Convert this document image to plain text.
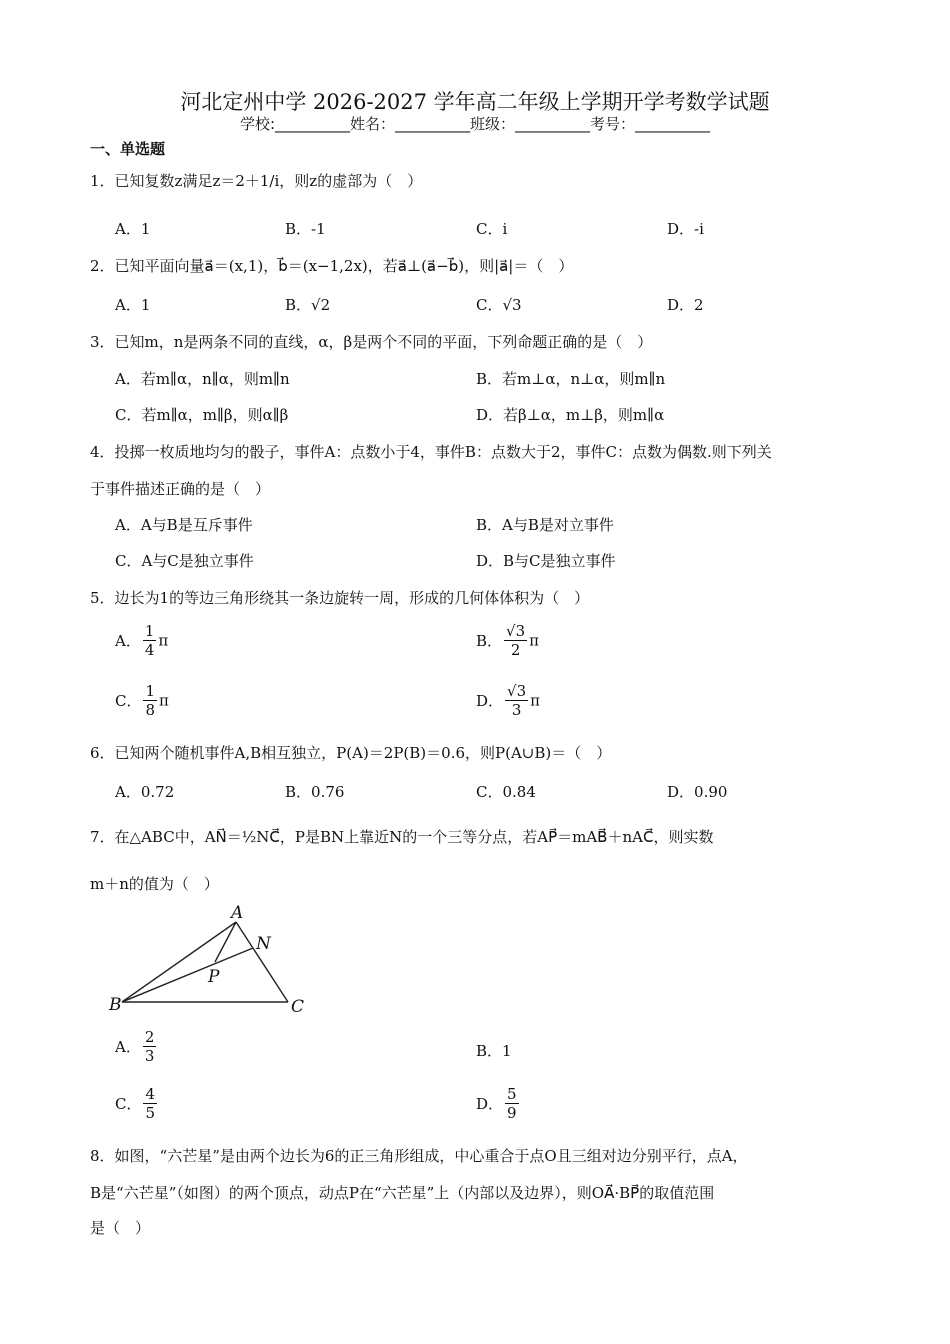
河北定州中学 2026-2027 学年高二年级上学期开学考数学试题
学校:__________姓名：__________班级：__________考号：__________
一、单选题
1．已知复数z满足z＝2＋1/i，则z的虚部为（　）
A．1	B．-1	C．i	D．-i
2．已知平面向量a⃗＝(x,1)，b⃗＝(x−1,2x)，若a⃗⊥(a⃗−b⃗)，则|a⃗|＝（　）
A．1	B．√2	C．√3	D．2
3．已知m，n是两条不同的直线，α，β是两个不同的平面，下列命题正确的是（　）
A．若m∥α，n∥α，则m∥n	B．若m⊥α，n⊥α，则m∥n
C．若m∥α，m∥β，则α∥β	D．若β⊥α，m⊥β，则m∥α
4．投掷一枚质地均匀的骰子，事件A：点数小于4，事件B：点数大于2，事件C：点数为偶数.则下列关
于事件描述正确的是（　）
A．A与B是互斥事件	B．A与B是对立事件
C．A与C是独立事件	D．B与C是独立事件
5．边长为1的等边三角形绕其一条边旋转一周，形成的几何体体积为（　）
A． $\frac{1}{4}$ π	B． $\frac{√3}{2}$ π
C． $\frac{1}{8}$ π	D． $\frac{√3}{3}$ π
6．已知两个随机事件A,B相互独立，P(A)＝2P(B)＝0.6，则P(A∪B)＝（　）
A．0.72	B．0.76	C．0.84	D．0.90
7．在△ABC中，AN⃗＝½NC⃗，P是BN上靠近N的一个三等分点，若AP⃗＝mAB⃗＋nAC⃗，则实数
m＋n的值为（　）
A
N
P
B	C
A． $\frac{2}{3}$	B．1
C． $\frac{4}{5}$	D． $\frac{5}{9}$
8．如图，“六芒星”是由两个边长为6的正三角形组成，中心重合于点O且三组对边分别平行，点A，
B是“六芒星”（如图）的两个顶点，动点P在“六芒星”上（内部以及边界），则OA⃗·BP⃗的取值范围
是（　）
